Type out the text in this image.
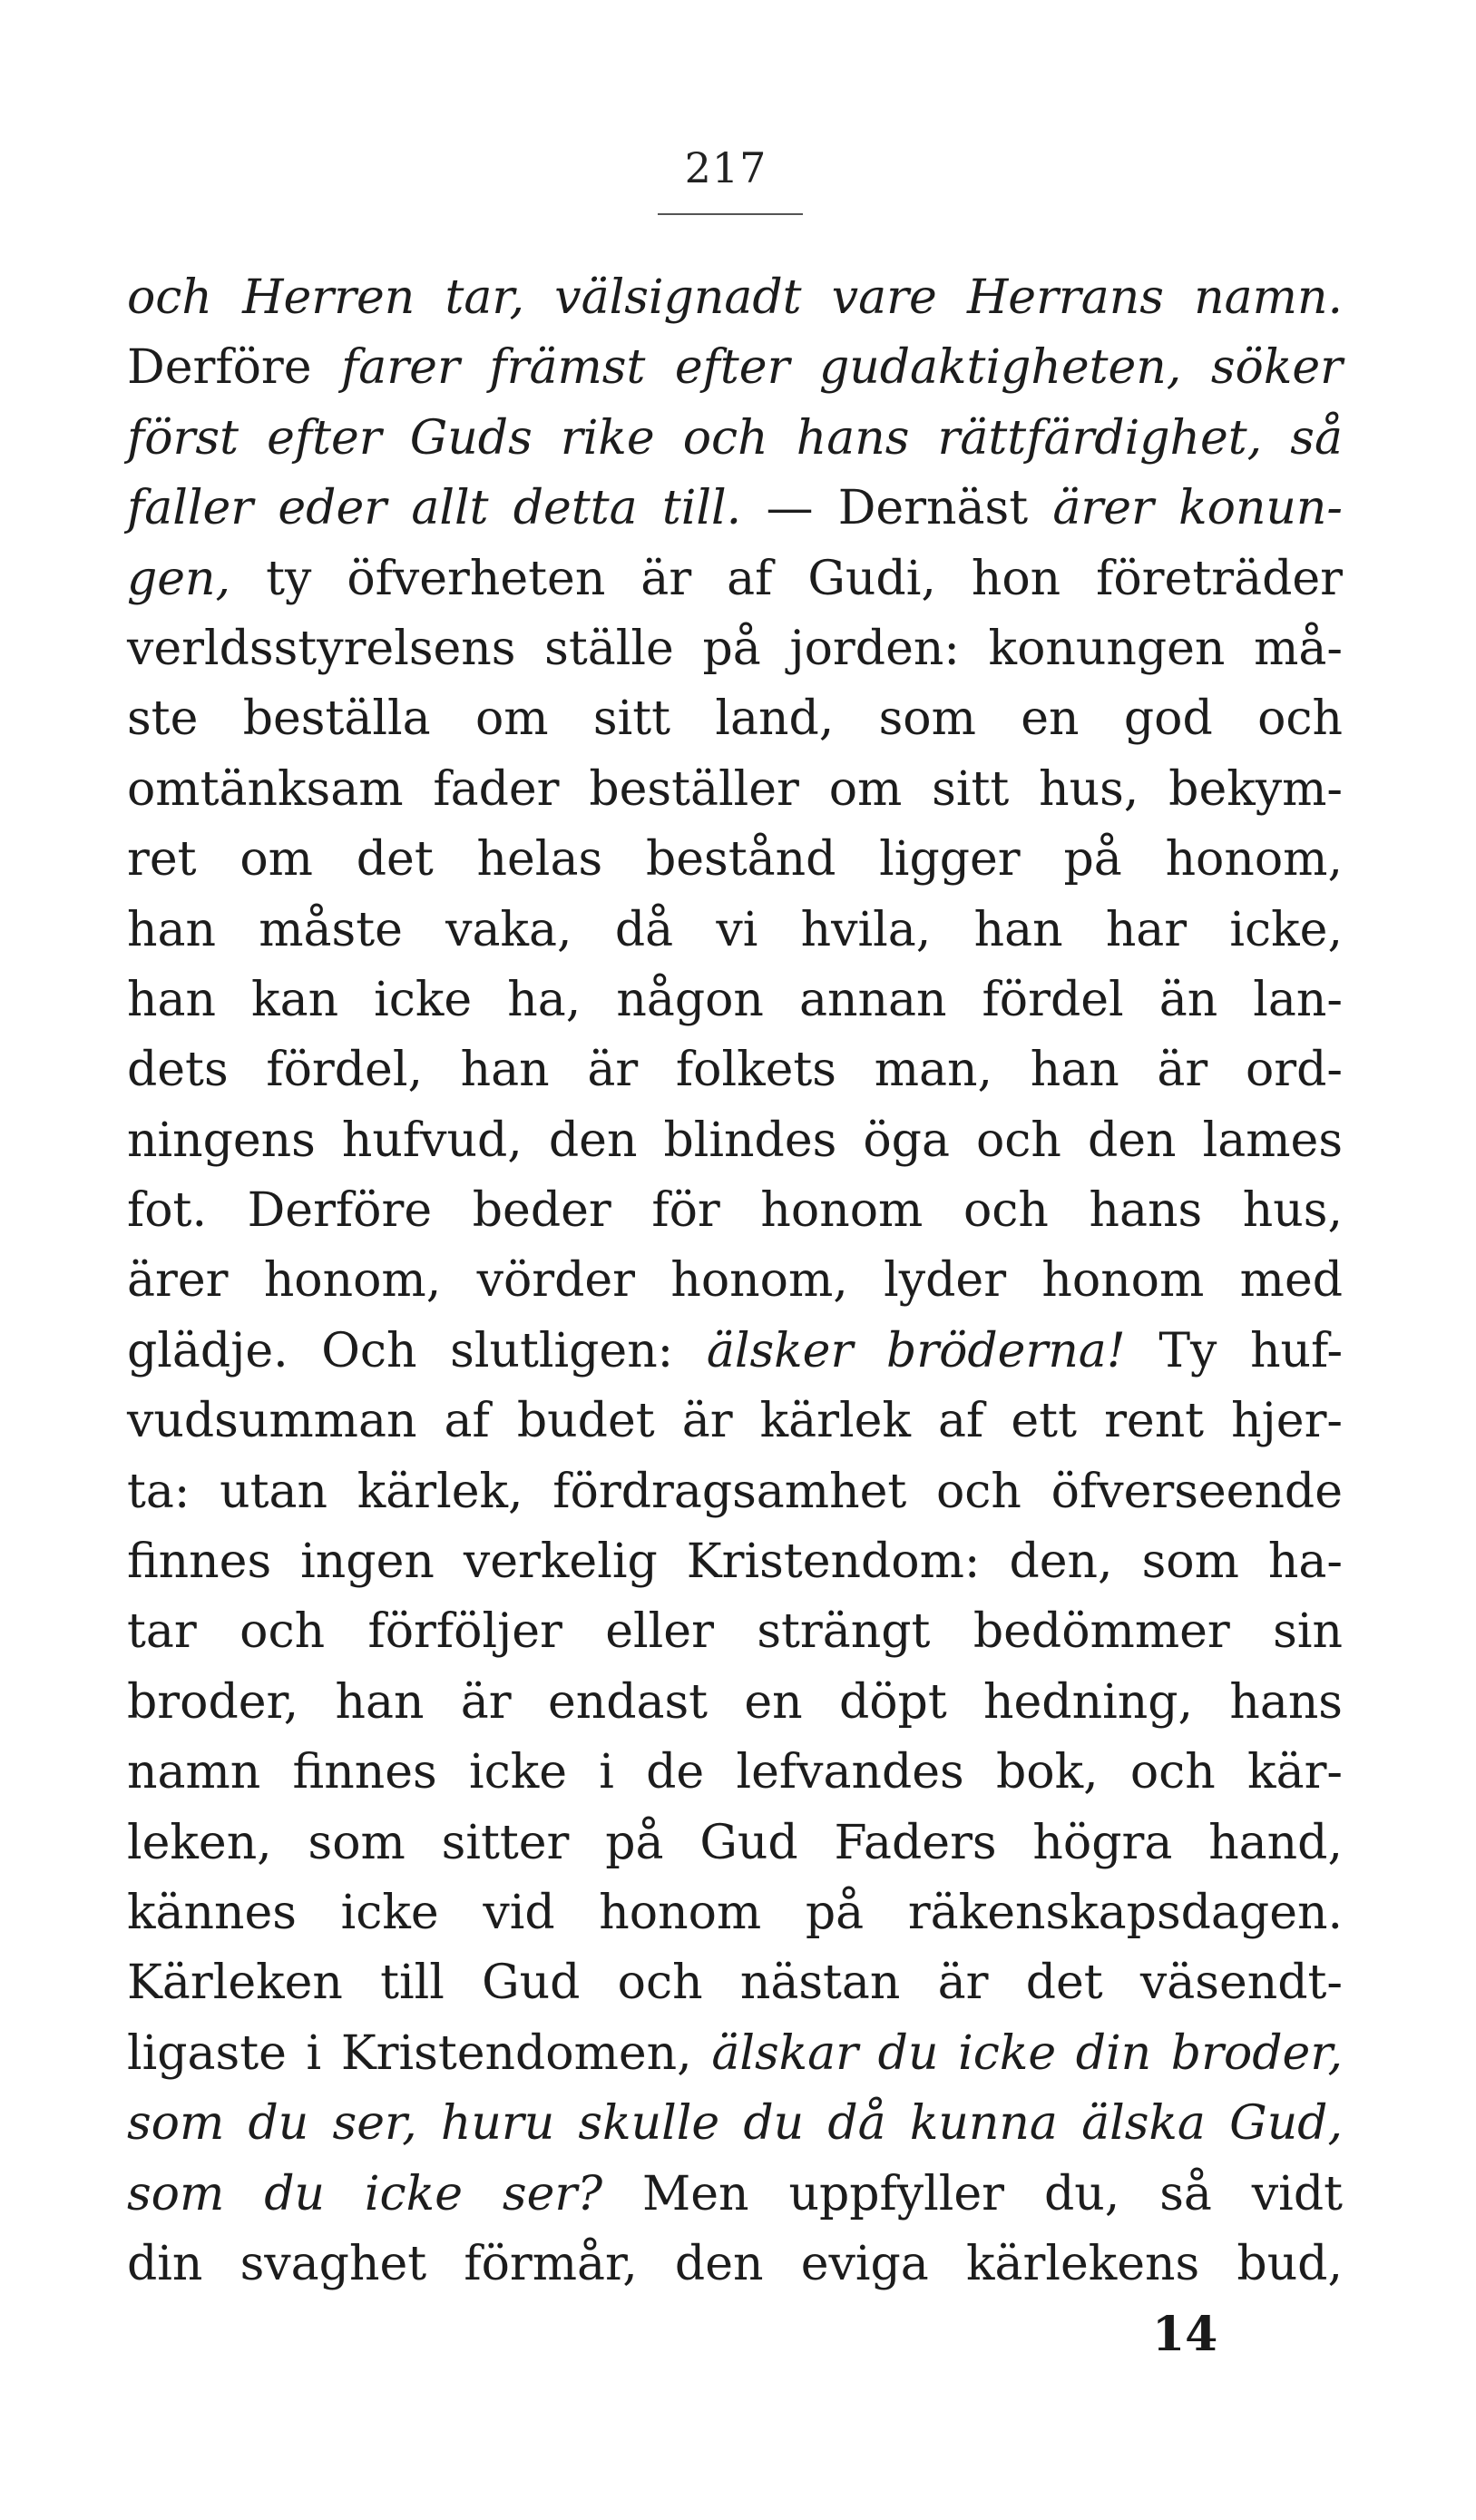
217
och Herren tar, välsignadt vare Herrans namn.
Derföre farer främst efter gudaktigheten, söker
först efter Guds rike och hans rättfärdighet, så
faller eder allt detta till. — Dernäst ärer konun-
gen, ty öfverheten är af Gudi, hon företräder
verldsstyrelsens ställe på jorden: konungen må-
ste beställa om sitt land, som en god och
omtänksam fader beställer om sitt hus, bekym-
ret om det helas bestånd ligger på honom,
han måste vaka, då vi hvila, han har icke,
han kan icke ha, någon annan fördel än lan-
dets fördel, han är folkets man, han är ord-
ningens hufvud, den blindes öga och den lames
fot. Derföre beder för honom och hans hus,
ärer honom, vörder honom, lyder honom med
glädje. Och slutligen: älsker bröderna! Ty huf-
vudsumman af budet är kärlek af ett rent hjer-
ta: utan kärlek, fördragsamhet och öfverseende
finnes ingen verkelig Kristendom: den, som ha-
tar och förföljer eller strängt bedömmer sin
broder, han är endast en döpt hedning, hans
namn finnes icke i de lefvandes bok, och kär-
leken, som sitter på Gud Faders högra hand,
kännes icke vid honom på räkenskapsdagen.
Kärleken till Gud och nästan är det väsendt-
ligaste i Kristendomen, älskar du icke din broder,
som du ser, huru skulle du då kunna älska Gud,
som du icke ser? Men uppfyller du, så vidt
din svaghet förmår, den eviga kärlekens bud,
14
